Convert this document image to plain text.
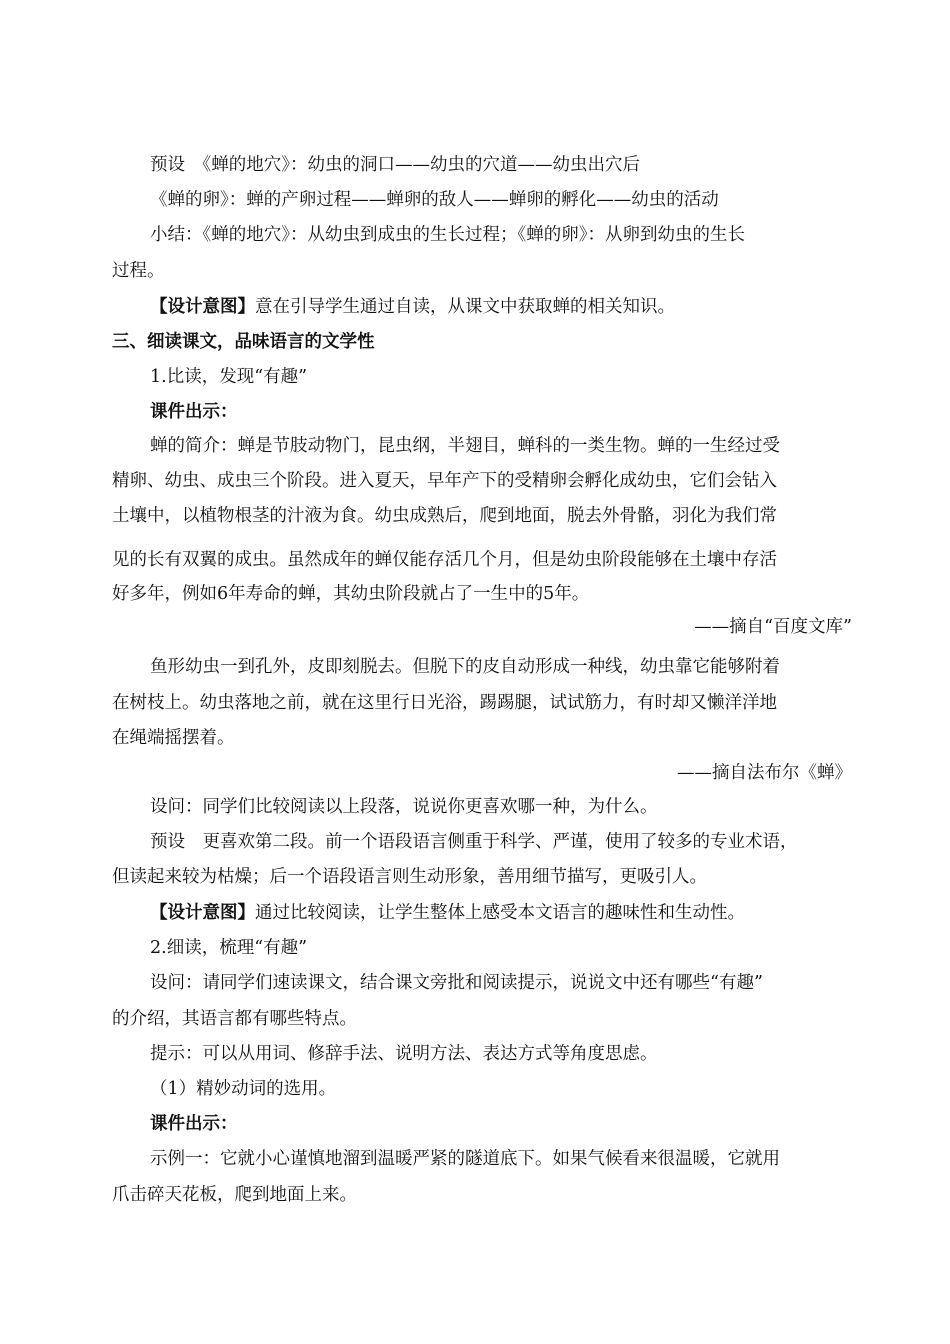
预设　《蝉的地穴》：幼虫的洞口——幼虫的穴道——幼虫出穴后
《蝉的卵》：蝉的产卵过程——蝉卵的敌人——蝉卵的孵化——幼虫的活动
小结：《蝉的地穴》：从幼虫到成虫的生长过程；《蝉的卵》：从卵到幼虫的生长
过程。
【设计意图】意在引导学生通过自读，从课文中获取蝉的相关知识。
三、细读课文，品味语言的文学性
1.比读，发现“有趣”
课件出示：
蝉的简介：蝉是节肢动物门，昆虫纲，半翅目，蝉科的一类生物。蝉的一生经过受
精卵、幼虫、成虫三个阶段。进入夏天，早年产下的受精卵会孵化成幼虫，它们会钻入
土壤中，以植物根茎的汁液为食。幼虫成熟后，爬到地面，脱去外骨骼，羽化为我们常
见的长有双翼的成虫。虽然成年的蝉仅能存活几个月，但是幼虫阶段能够在土壤中存活
好多年，例如6年寿命的蝉，其幼虫阶段就占了一生中的5年。
——摘自“百度文库”
鱼形幼虫一到孔外，皮即刻脱去。但脱下的皮自动形成一种线，幼虫靠它能够附着
在树枝上。幼虫落地之前，就在这里行日光浴，踢踢腿，试试筋力，有时却又懒洋洋地
在绳端摇摆着。
——摘自法布尔《蝉》
设问：同学们比较阅读以上段落，说说你更喜欢哪一种，为什么。
预设　更喜欢第二段。前一个语段语言侧重于科学、严谨，使用了较多的专业术语，
但读起来较为枯燥；后一个语段语言则生动形象，善用细节描写，更吸引人。
【设计意图】通过比较阅读，让学生整体上感受本文语言的趣味性和生动性。
2.细读，梳理“有趣”
设问：请同学们速读课文，结合课文旁批和阅读提示，说说文中还有哪些“有趣”
的介绍，其语言都有哪些特点。
提示：可以从用词、修辞手法、说明方法、表达方式等角度思虑。
（1）精妙动词的选用。
课件出示：
示例一：它就小心谨慎地溜到温暖严紧的隧道底下。如果气候看来很温暖，它就用
爪击碎天花板，爬到地面上来。
